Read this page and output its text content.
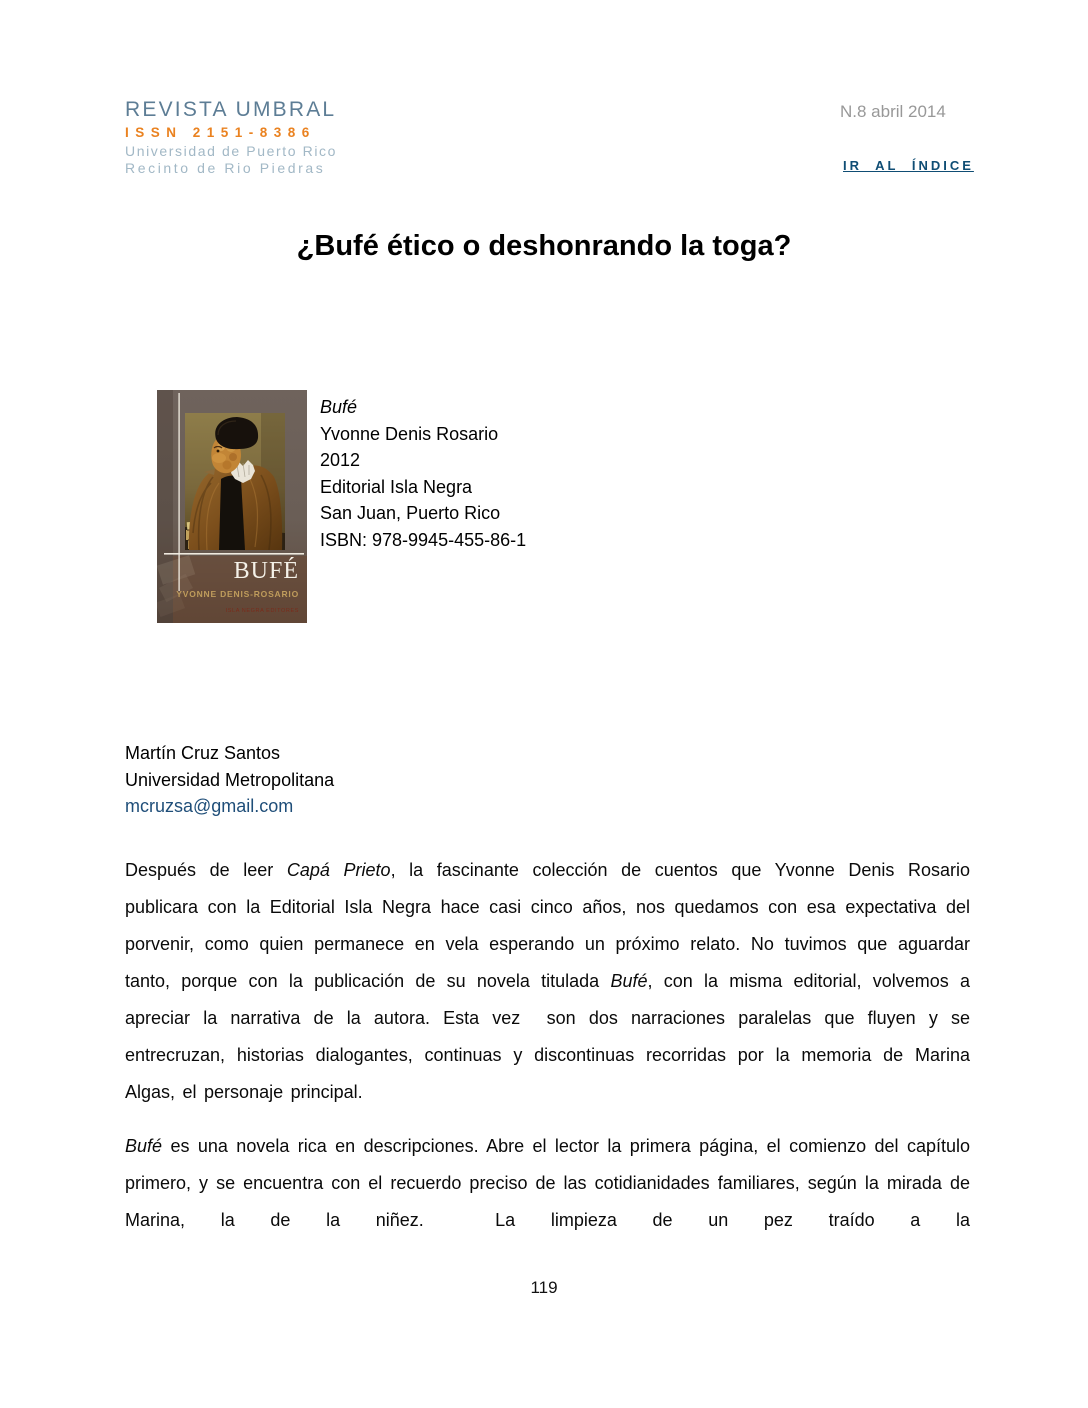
REVISTA UMBRAL
ISSN 2151-8386
Universidad de Puerto Rico
Recinto de Rio Piedras
N.8 abril 2014
IR AL ÍNDICE
¿Bufé ético o deshonrando la toga?
BUFÉ
YVONNE DENIS-ROSARIO
ISLA NEGRA EDITORES
Bufé
Yvonne Denis Rosario
2012
Editorial Isla Negra
San Juan, Puerto Rico
ISBN: 978-9945-455-86-1
Martín Cruz Santos
Universidad Metropolitana
mcruzsa@gmail.com

Después de leer Capá Prieto, la fascinante colección de cuentos que Yvonne Denis Rosario publicara con la Editorial Isla Negra hace casi cinco años, nos quedamos con esa expectativa del porvenir, como quien permanece en vela esperando un próximo relato. No tuvimos que aguardar tanto, porque con la publicación de su novela titulada Bufé, con la misma editorial, volvemos a apreciar la narrativa de la autora. Esta vez  son dos narraciones paralelas que fluyen y se entrecruzan, historias dialogantes, continuas y discontinuas recorridas por la memoria de Marina Algas, el personaje principal.

Bufé es una novela rica en descripciones. Abre el lector la primera página, el comienzo del capítulo primero, y se encuentra con el recuerdo preciso de las cotidianidades familiares, según la mirada de Marina, la de la niñez.  La limpieza de un pez traído a la

119
